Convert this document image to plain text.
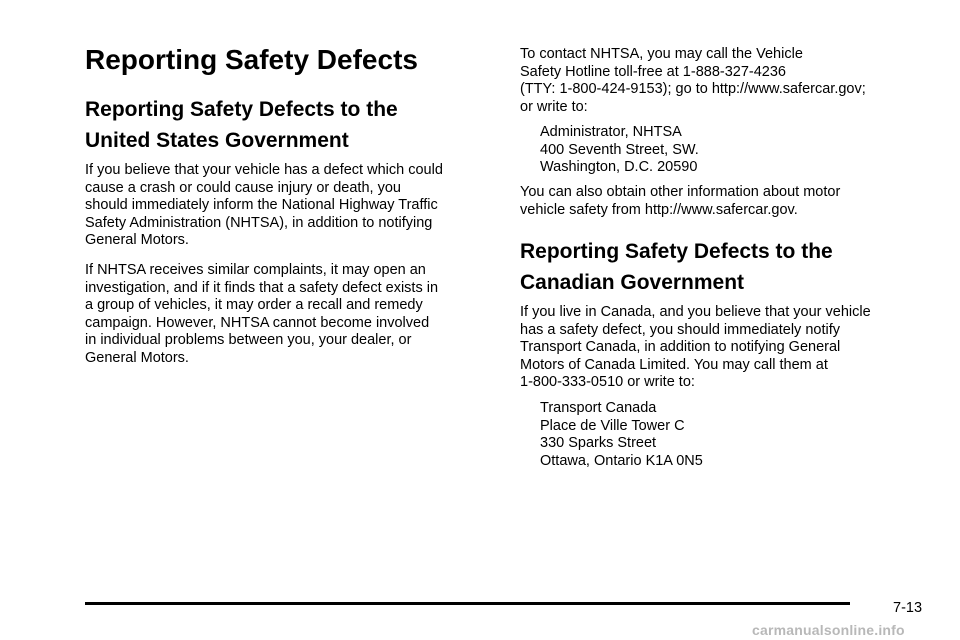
Reporting Safety Defects
Reporting Safety Defects to the
United States Government

If you believe that your vehicle has a defect which could
cause a crash or could cause injury or death, you
should immediately inform the National Highway Traffic
Safety Administration (NHTSA), in addition to notifying
General Motors.

If NHTSA receives similar complaints, it may open an
investigation, and if it finds that a safety defect exists in
a group of vehicles, it may order a recall and remedy
campaign. However, NHTSA cannot become involved
in individual problems between you, your dealer, or
General Motors.

To contact NHTSA, you may call the Vehicle
Safety Hotline toll-free at 1-888-327-4236
(TTY: 1-800-424-9153); go to http://www.safercar.gov;
or write to:

Administrator, NHTSA
400 Seventh Street, SW.
Washington, D.C. 20590

You can also obtain other information about motor
vehicle safety from http://www.safercar.gov.

Reporting Safety Defects to the
Canadian Government

If you live in Canada, and you believe that your vehicle
has a safety defect, you should immediately notify
Transport Canada, in addition to notifying General
Motors of Canada Limited. You may call them at
1-800-333-0510 or write to:

Transport Canada
Place de Ville Tower C
330 Sparks Street
Ottawa, Ontario K1A 0N5

7-13
carmanualsonline.info
